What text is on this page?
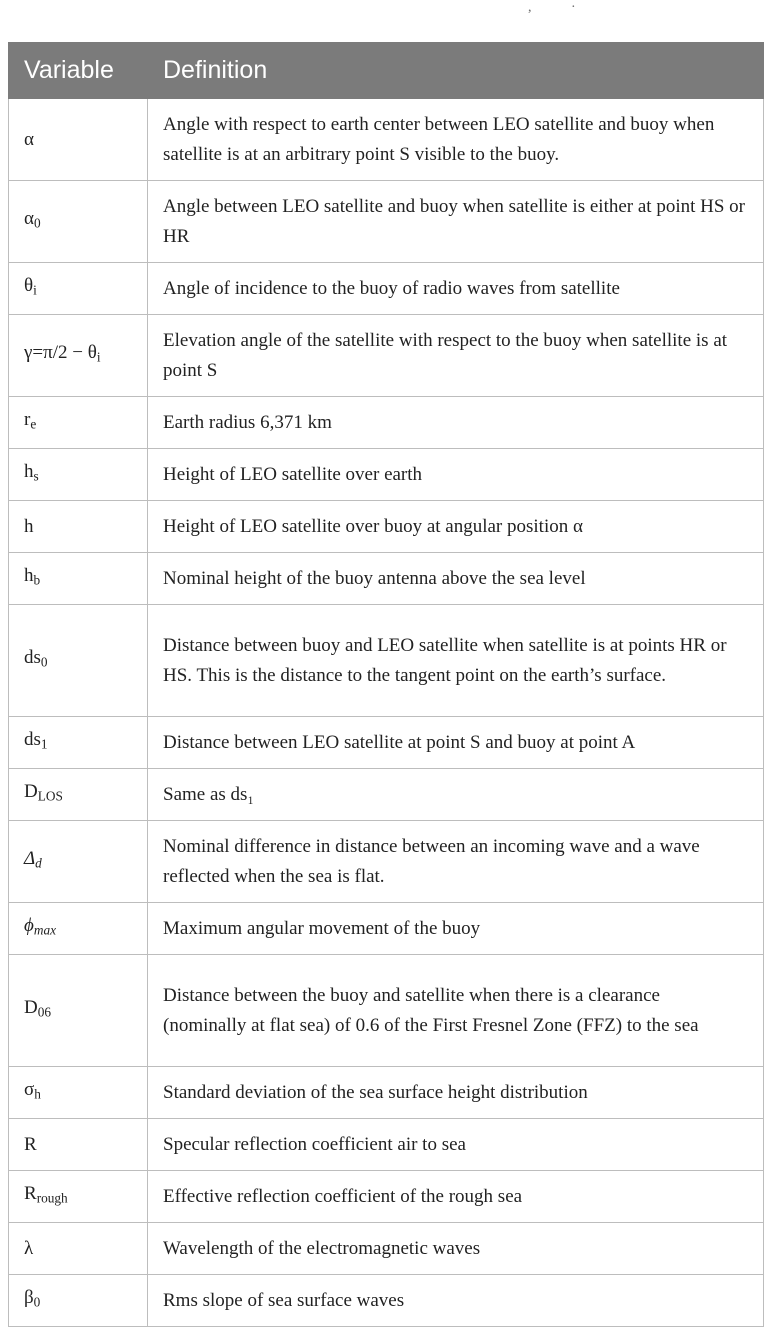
, ·
Variable	Definition
α	Angle with respect to earth center between LEO satellite and buoy when satellite is at an arbitrary point S visible to the buoy.
$\alpha_0$	Angle between LEO satellite and buoy when satellite is either at point HS or HR
$\theta_i$	Angle of incidence to the buoy of radio waves from satellite
$\gamma=\pi/2 - \theta_i$	Elevation angle of the satellite with respect to the buoy when satellite is at point S
$r_e$	Earth radius 6,371 km
$h_s$	Height of LEO satellite over earth
h	Height of LEO satellite over buoy at angular position α
$h_b$	Nominal height of the buoy antenna above the sea level
$ds_0$	Distance between buoy and LEO satellite when satellite is at points HR or HS. This is the distance to the tangent point on the earth’s surface.
$ds_1$	Distance between LEO satellite at point S and buoy at point A
$D_{LOS}$	Same as ds₁
$\Delta_d$	Nominal difference in distance between an incoming wave and a wave reflected when the sea is flat.
$\phi_{max}$	Maximum angular movement of the buoy
$D_{06}$	Distance between the buoy and satellite when there is a clearance (nominally at flat sea) of 0.6 of the First Fresnel Zone (FFZ) to the sea
$\sigma_h$	Standard deviation of the sea surface height distribution
R	Specular reflection coefficient air to sea
$R_{rough}$	Effective reflection coefficient of the rough sea
λ	Wavelength of the electromagnetic waves
$\beta_0$	Rms slope of sea surface waves
